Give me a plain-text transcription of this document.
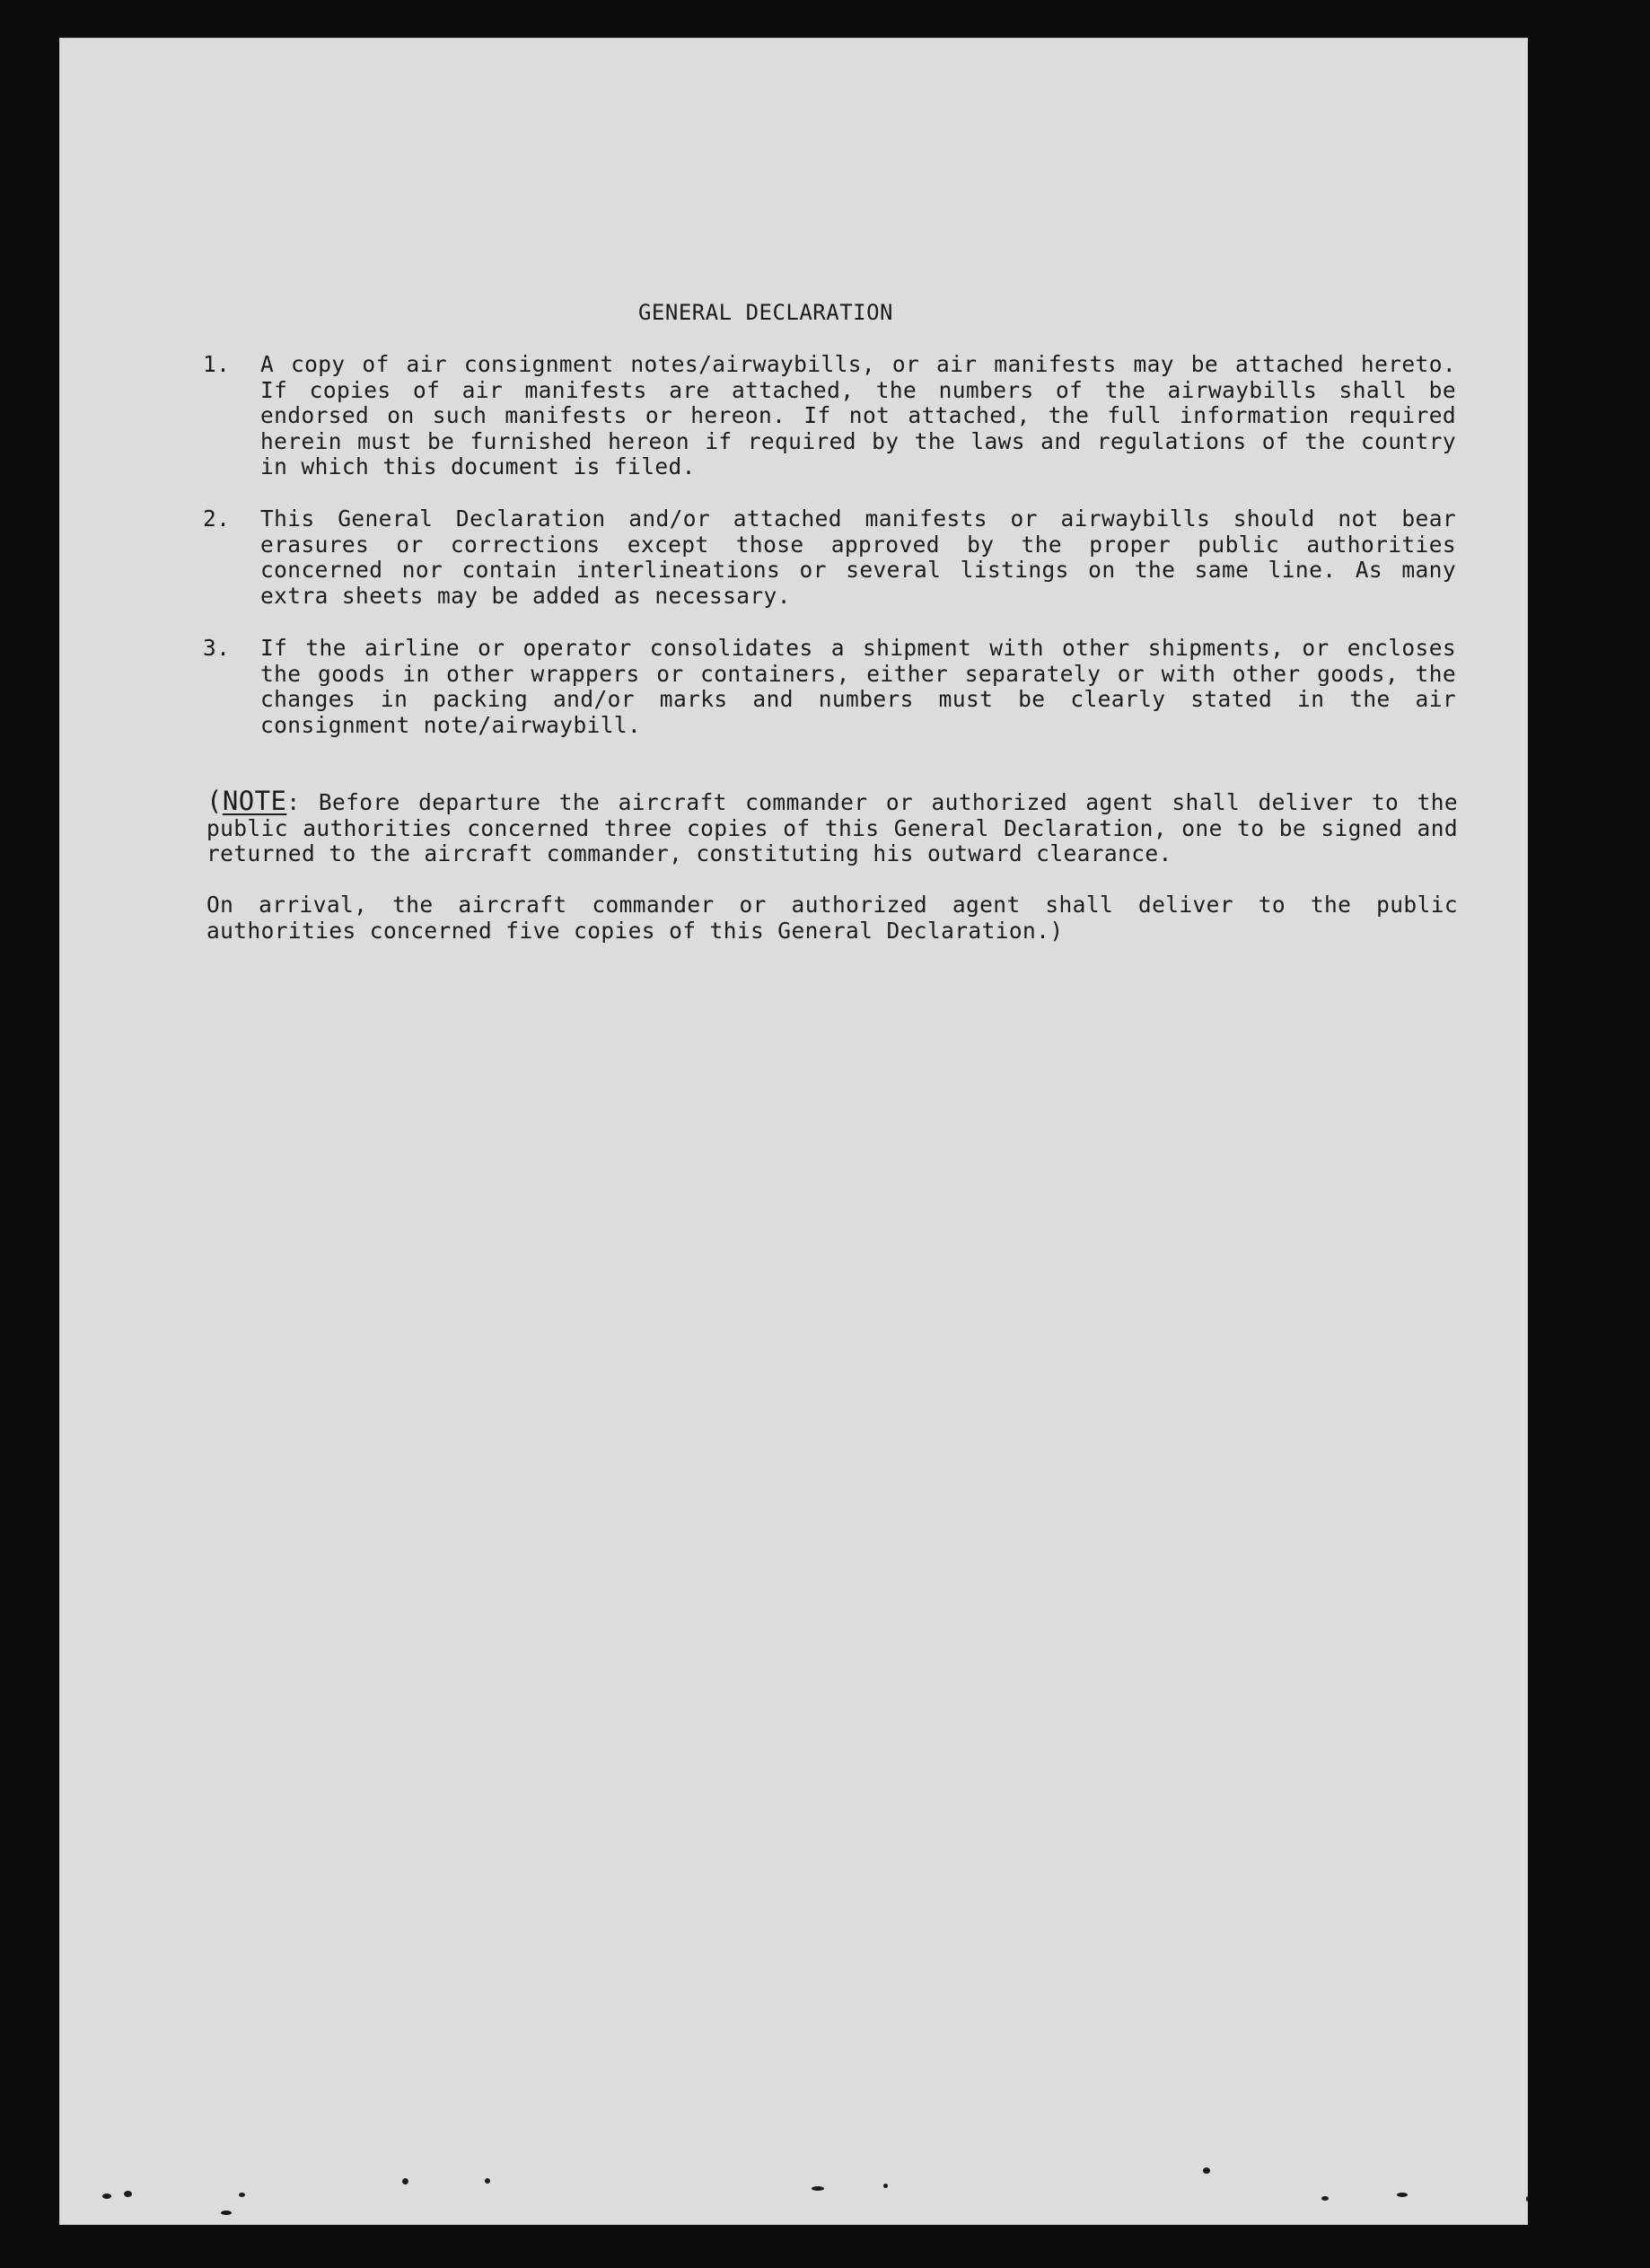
GENERAL DECLARATION
1.	A copy of air consignment notes/airwaybills, or air manifests may be attached hereto. If copies of air manifests are attached, the numbers of the airwaybills shall be endorsed on such manifests or hereon. If not attached, the full information required herein must be furnished hereon if required by the laws and regulations of the country in which this document is filed.
2.	This General Declaration and/or attached manifests or airwaybills should not bear erasures or corrections except those approved by the proper public authorities concerned nor contain interlineations or several listings on the same line. As many extra sheets may be added as necessary.
3.	If the airline or operator consolidates a shipment with other shipments, or encloses the goods in other wrappers or containers, either separately or with other goods, the changes in packing and/or marks and numbers must be clearly stated in the air consignment note/airwaybill.
(NOTE: Before departure the aircraft commander or authorized agent shall deliver to the public authorities concerned three copies of this General Declaration, one to be signed and returned to the aircraft commander, constituting his outward clearance.
On arrival, the aircraft commander or authorized agent shall deliver to the public authorities concerned five copies of this General Declaration.)
